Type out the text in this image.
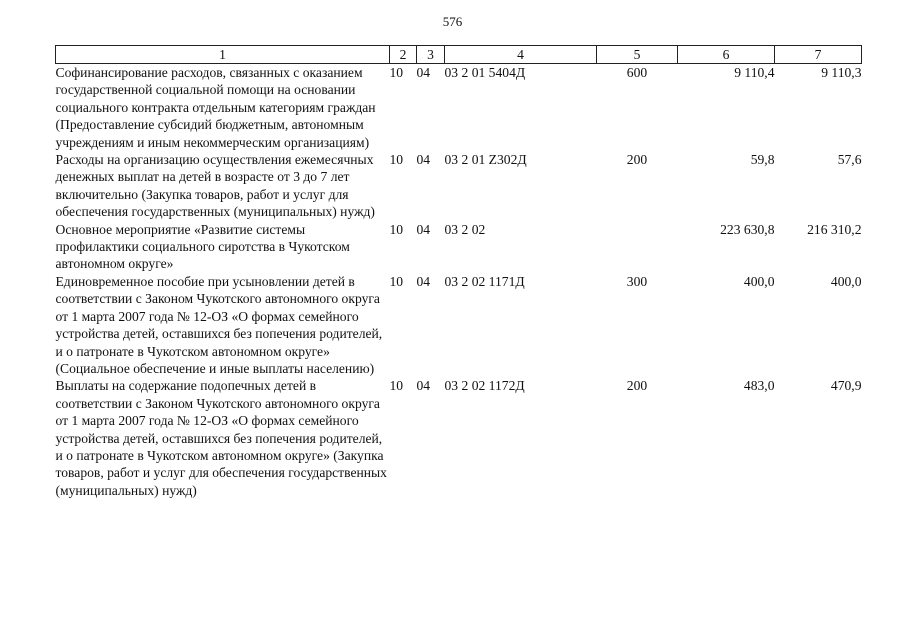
576
1	2	3	4	5	6	7
Софинансирование расходов, связанных с оказанием государственной социальной помощи на основании социального контракта отдельным категориям граждан (Предоставление субсидий бюджетным, автономным учреждениям и иным некоммерческим организациям)	10	04	03 2 01 5404Д	600	9 110,4	9 110,3
Расходы на организацию осуществления ежемесячных денежных выплат на детей в возрасте от 3 до 7 лет включительно (Закупка товаров, работ и услуг для обеспечения государственных (муниципальных) нужд)	10	04	03 2 01 Z302Д	200	59,8	57,6
Основное мероприятие «Развитие системы профилактики социального сиротства в Чукотском автономном округе»	10	04	03 2 02		223 630,8	216 310,2
Единовременное пособие при усыновлении детей в соответствии с Законом Чукотского автономного округа от 1 марта 2007 года № 12-ОЗ «О формах семейного устройства детей, оставшихся без попечения родителей, и о патронате в Чукотском автономном округе» (Социальное обеспечение и иные выплаты населению)	10	04	03 2 02 1171Д	300	400,0	400,0
Выплаты на содержание подопечных детей в соответствии с Законом Чукотского автономного округа от 1 марта 2007 года № 12-ОЗ «О формах семейного устройства детей, оставшихся без попечения родителей, и о патронате в Чукотском автономном округе» (Закупка товаров, работ и услуг для обеспечения государственных (муниципальных) нужд)	10	04	03 2 02 1172Д	200	483,0	470,9
